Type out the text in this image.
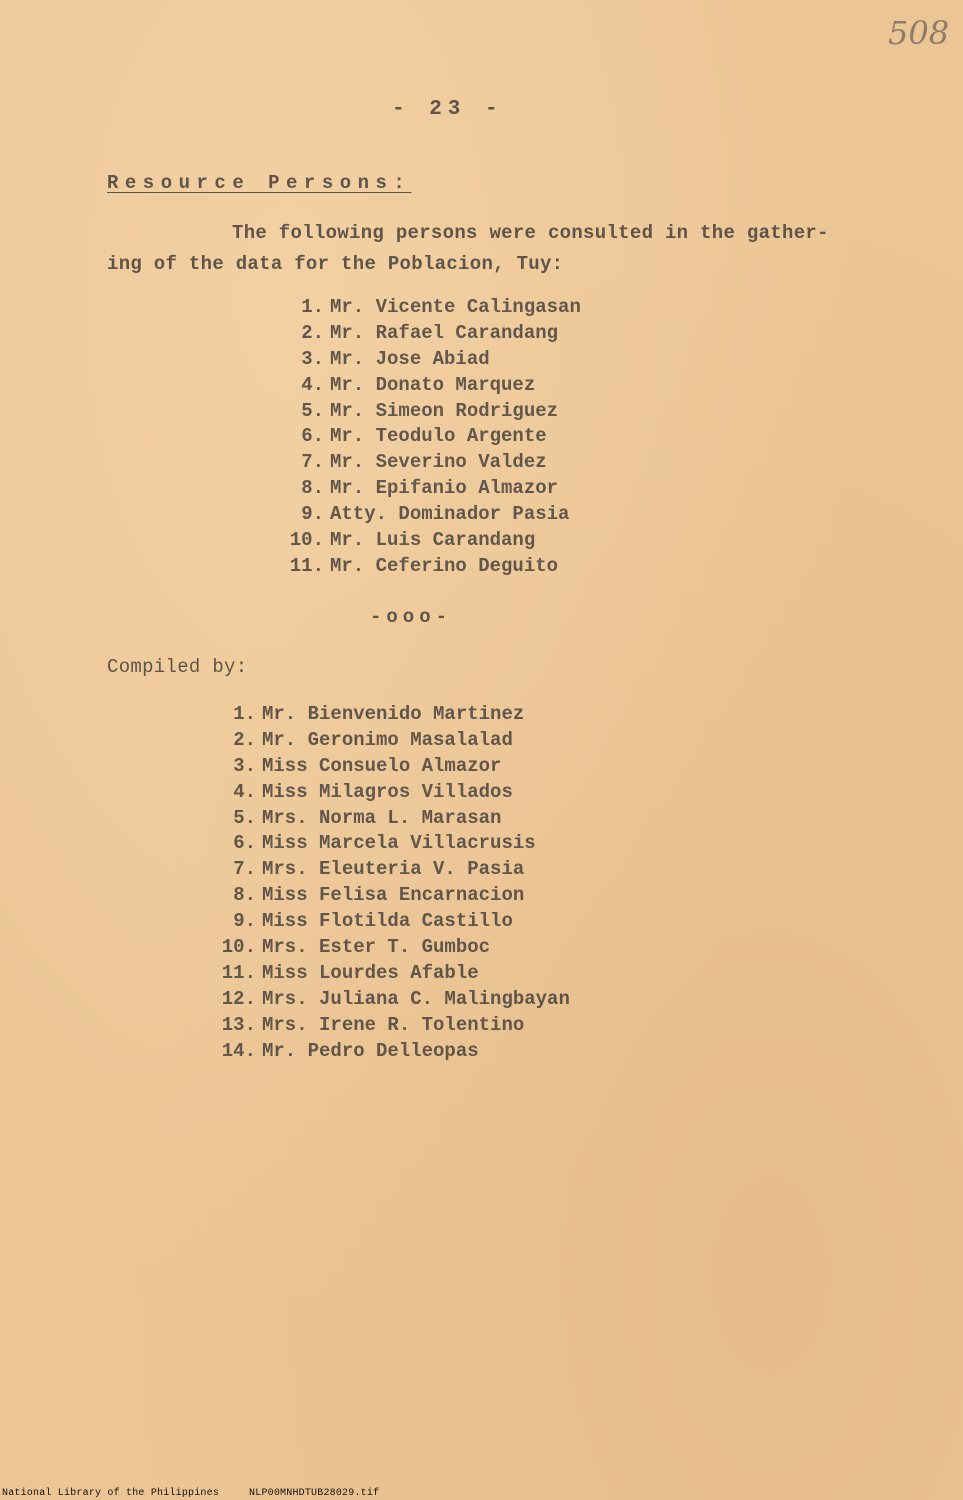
508
- 23 -
Resource Persons:
The following persons were consulted in the gather-
ing of the data for the Poblacion, Tuy:
1. Mr. Vicente Calingasan
2. Mr. Rafael Carandang
3. Mr. Jose Abiad
4. Mr. Donato Marquez
5. Mr. Simeon Rodriguez
6. Mr. Teodulo Argente
7. Mr. Severino Valdez
8. Mr. Epifanio Almazor
9. Atty. Dominador Pasia
10. Mr. Luis Carandang
11. Mr. Ceferino Deguito
-ooo-
Compiled by:
1. Mr. Bienvenido Martinez
2. Mr. Geronimo Masalalad
3. Miss Consuelo Almazor
4. Miss Milagros Villados
5. Mrs. Norma L. Marasan
6. Miss Marcela Villacrusis
7. Mrs. Eleuteria V. Pasia
8. Miss Felisa Encarnacion
9. Miss Flotilda Castillo
10. Mrs. Ester T. Gumboc
11. Miss Lourdes Afable
12. Mrs. Juliana C. Malingbayan
13. Mrs. Irene R. Tolentino
14. Mr. Pedro Delleopas
National Library of the Philippines	NLP00MNHDTUB28029.tif
